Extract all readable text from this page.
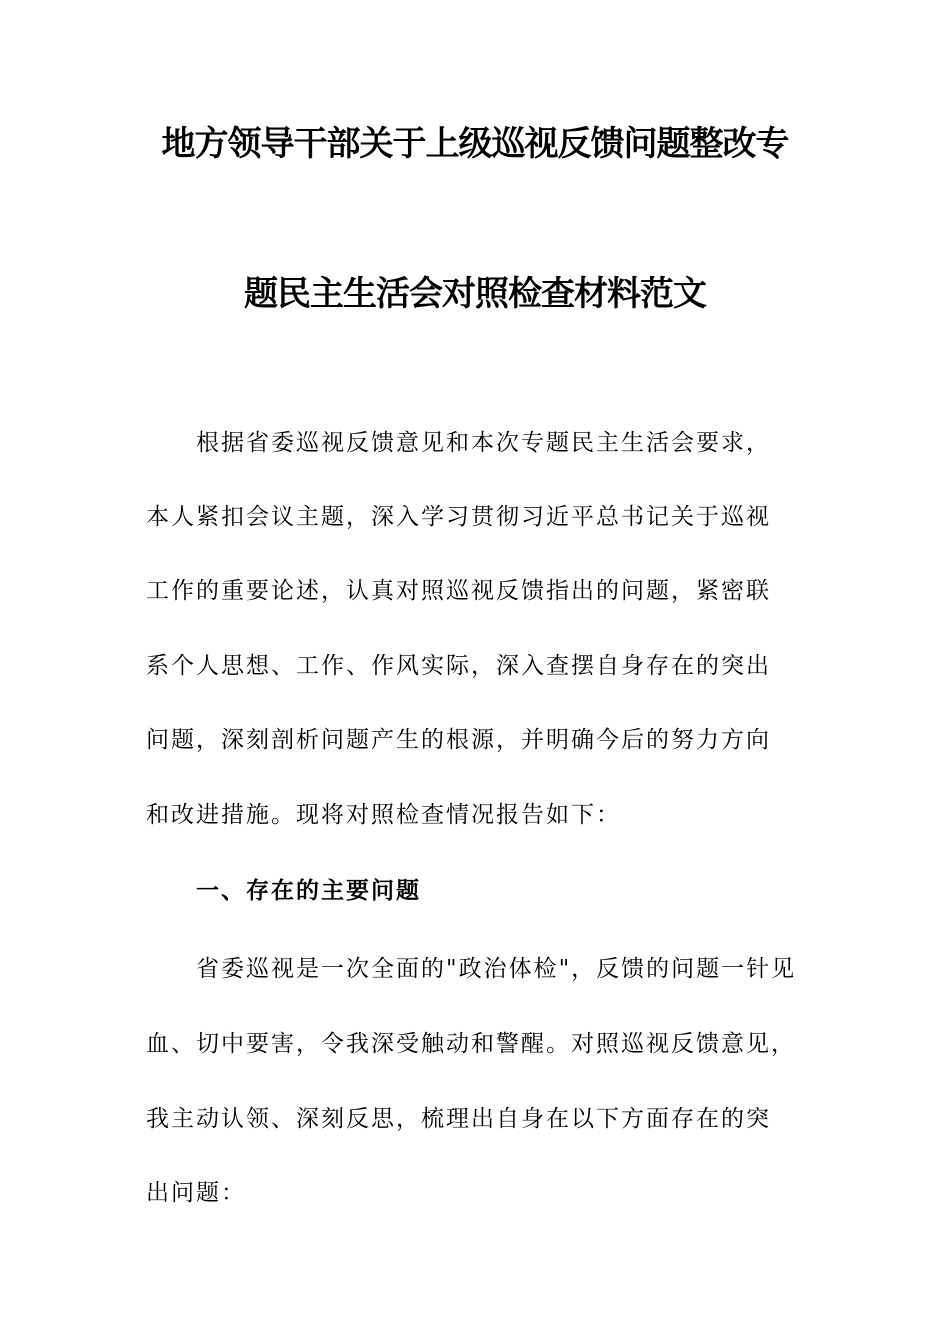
地方领导干部关于上级巡视反馈问题整改专
题民主生活会对照检查材料范文

根据省委巡视反馈意见和本次专题民主生活会要求，

本人紧扣会议主题，深入学习贯彻习近平总书记关于巡视

工作的重要论述，认真对照巡视反馈指出的问题，紧密联

系个人思想、工作、作风实际，深入查摆自身存在的突出

问题，深刻剖析问题产生的根源，并明确今后的努力方向

和改进措施。现将对照检查情况报告如下：

一、存在的主要问题

省委巡视是一次全面的"政治体检"，反馈的问题一针见

血、切中要害，令我深受触动和警醒。对照巡视反馈意见，

我主动认领、深刻反思，梳理出自身在以下方面存在的突

出问题：
